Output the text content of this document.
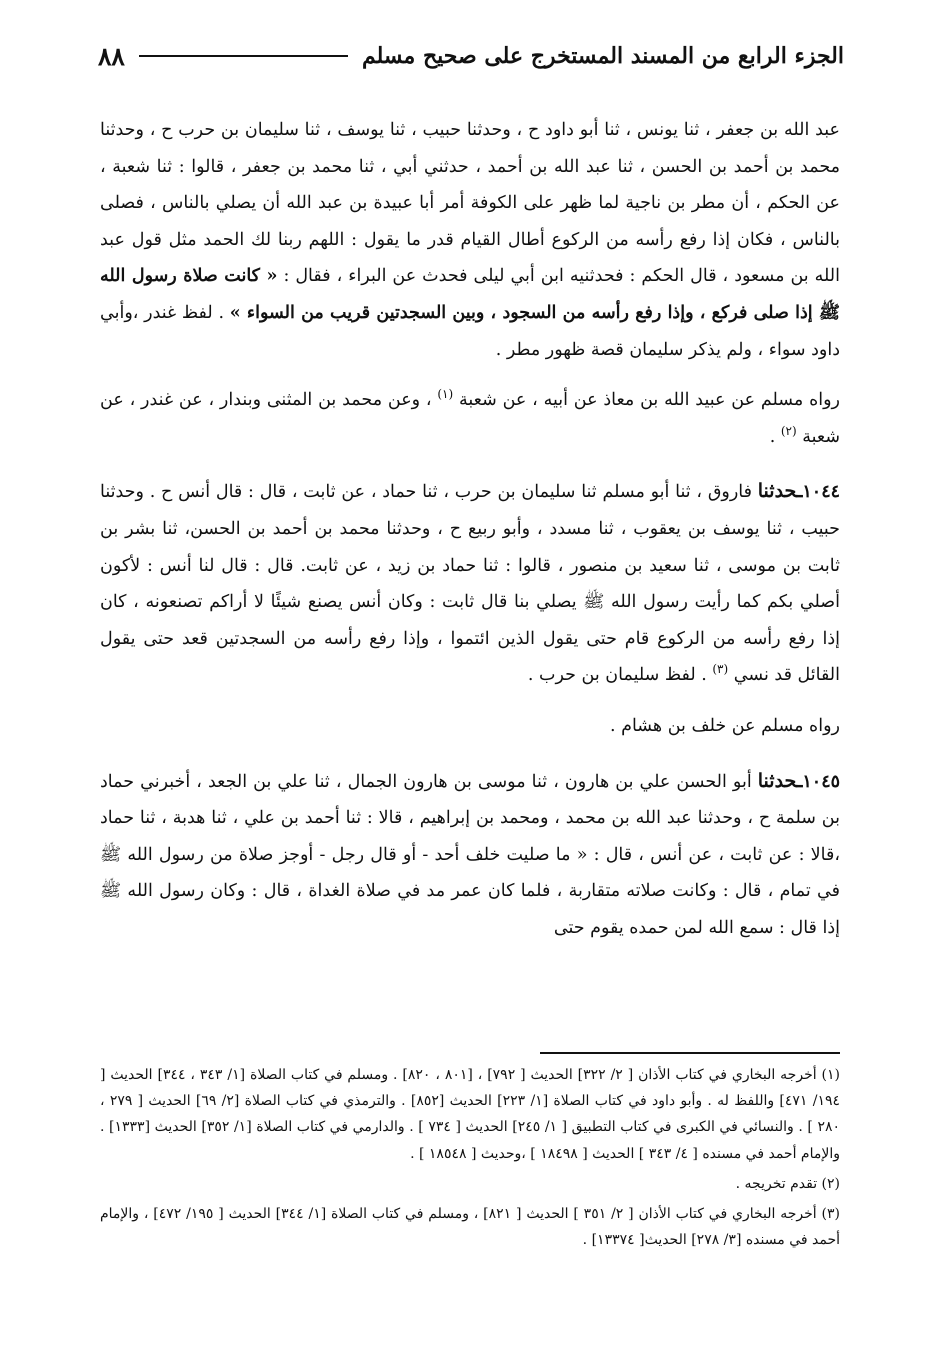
الجزء الرابع من المسند المستخرج على صحيح مسلم
٨٨

عبد الله بن جعفر ، ثنا يونس ، ثنا أبو داود ح ، وحدثنا حبيب ، ثنا يوسف ، ثنا سليمان بن حرب ح ، وحدثنا محمد بن أحمد بن الحسن ، ثنا عبد الله بن أحمد ، حدثني أبي ، ثنا محمد بن جعفر ، قالوا : ثنا شعبة ، عن الحكم ، أن مطر بن ناجية لما ظهر على الكوفة أمر أبا عبيدة بن عبد الله أن يصلي بالناس ، فصلى بالناس ، فكان إذا رفع رأسه من الركوع أطال القيام قدر ما يقول : اللهم ربنا لك الحمد مثل قول عبد الله بن مسعود ، قال الحكم : فحدثنيه ابن أبي ليلى فحدث عن البراء ، فقال : « كانت صلاة رسول الله ﷺ إذا صلى فركع ، وإذا رفع رأسه من السجود ، وبين السجدتين قريب من السواء » . لفظ غندر ،وأبي داود سواء ، ولم يذكر سليمان قصة ظهور مطر .

رواه مسلم عن عبيد الله بن معاذ عن أبيه ، عن شعبة $^{(١)}$ ، وعن محمد بن المثنى وبندار ، عن غندر ، عن شعبة $^{(٢)}$ .

١٠٤٤ـحدثنا فاروق ، ثنا أبو مسلم ثنا سليمان بن حرب ، ثنا حماد ، عن ثابت ، قال : قال أنس ح . وحدثنا حبيب ، ثنا يوسف بن يعقوب ، ثنا مسدد ، وأبو ربيع ح ، وحدثنا محمد بن أحمد بن الحسن، ثنا بشر بن ثابت بن موسى ، ثنا سعيد بن منصور ، قالوا : ثنا حماد بن زيد ، عن ثابت. قال : قال لنا أنس : لأكون أصلي بكم كما رأيت رسول الله ﷺ يصلي بنا قال ثابت : وكان أنس يصنع شيئًا لا أراكم تصنعونه ، كان إذا رفع رأسه من الركوع قام حتى يقول الذين ائتموا ، وإذا رفع رأسه من السجدتين قعد حتى يقول القائل قد نسي $^{(٣)}$ . لفظ سليمان بن حرب .

رواه مسلم عن خلف بن هشام .

١٠٤٥ـحدثنا أبو الحسن علي بن هارون ، ثنا موسى بن هارون الجمال ، ثنا علي بن الجعد ، أخبرني حماد بن سلمة ح ، وحدثنا عبد الله بن محمد ، ومحمد بن إبراهيم ، قالا : ثنا أحمد بن علي ، ثنا هدبة ، ثنا حماد ،قالا : عن ثابت ، عن أنس ، قال : « ما صليت خلف أحد - أو قال رجل - أوجز صلاة من رسول الله ﷺ في تمام ، قال : وكانت صلاته متقاربة ، فلما كان عمر مد في صلاة الغداة ، قال : وكان رسول الله ﷺ إذا قال : سمع الله لمن حمده يقوم حتى

(١) أخرجه البخاري في كتاب الأذان [ ٢/ ٣٢٢] الحديث [ ٧٩٢] ، [٨٠١ ، ٨٢٠] . ومسلم في كتاب الصلاة [١/ ٣٤٣ ، ٣٤٤] الحديث [ ١٩٤/ ٤٧١] واللفظ له . وأبو داود في كتاب الصلاة [١/ ٢٢٣] الحديث [٨٥٢] . والترمذي في كتاب الصلاة [٢/ ٦٩] الحديث [ ٢٧٩ ، ٢٨٠ ] . والنسائي في الكبرى في كتاب التطبيق [ ١/ ٢٤٥] الحديث [ ٧٣٤ ] . والدارمي في كتاب الصلاة [١/ ٣٥٢] الحديث [١٣٣٣] . والإمام أحمد في مسنده [ ٤/ ٣٤٣ ] الحديث [ ١٨٤٩٨ ] ،وحديث [ ١٨٥٤٨ ] .

(٢) تقدم تخريجه .

(٣) أخرجه البخاري في كتاب الأذان [ ٢/ ٣٥١ ] الحديث [ ٨٢١] ، ومسلم في كتاب الصلاة [١/ ٣٤٤] الحديث [ ١٩٥/ ٤٧٢] ، والإمام أحمد في مسنده [٣/ ٢٧٨] الحديث[ ١٣٣٧٤] .
